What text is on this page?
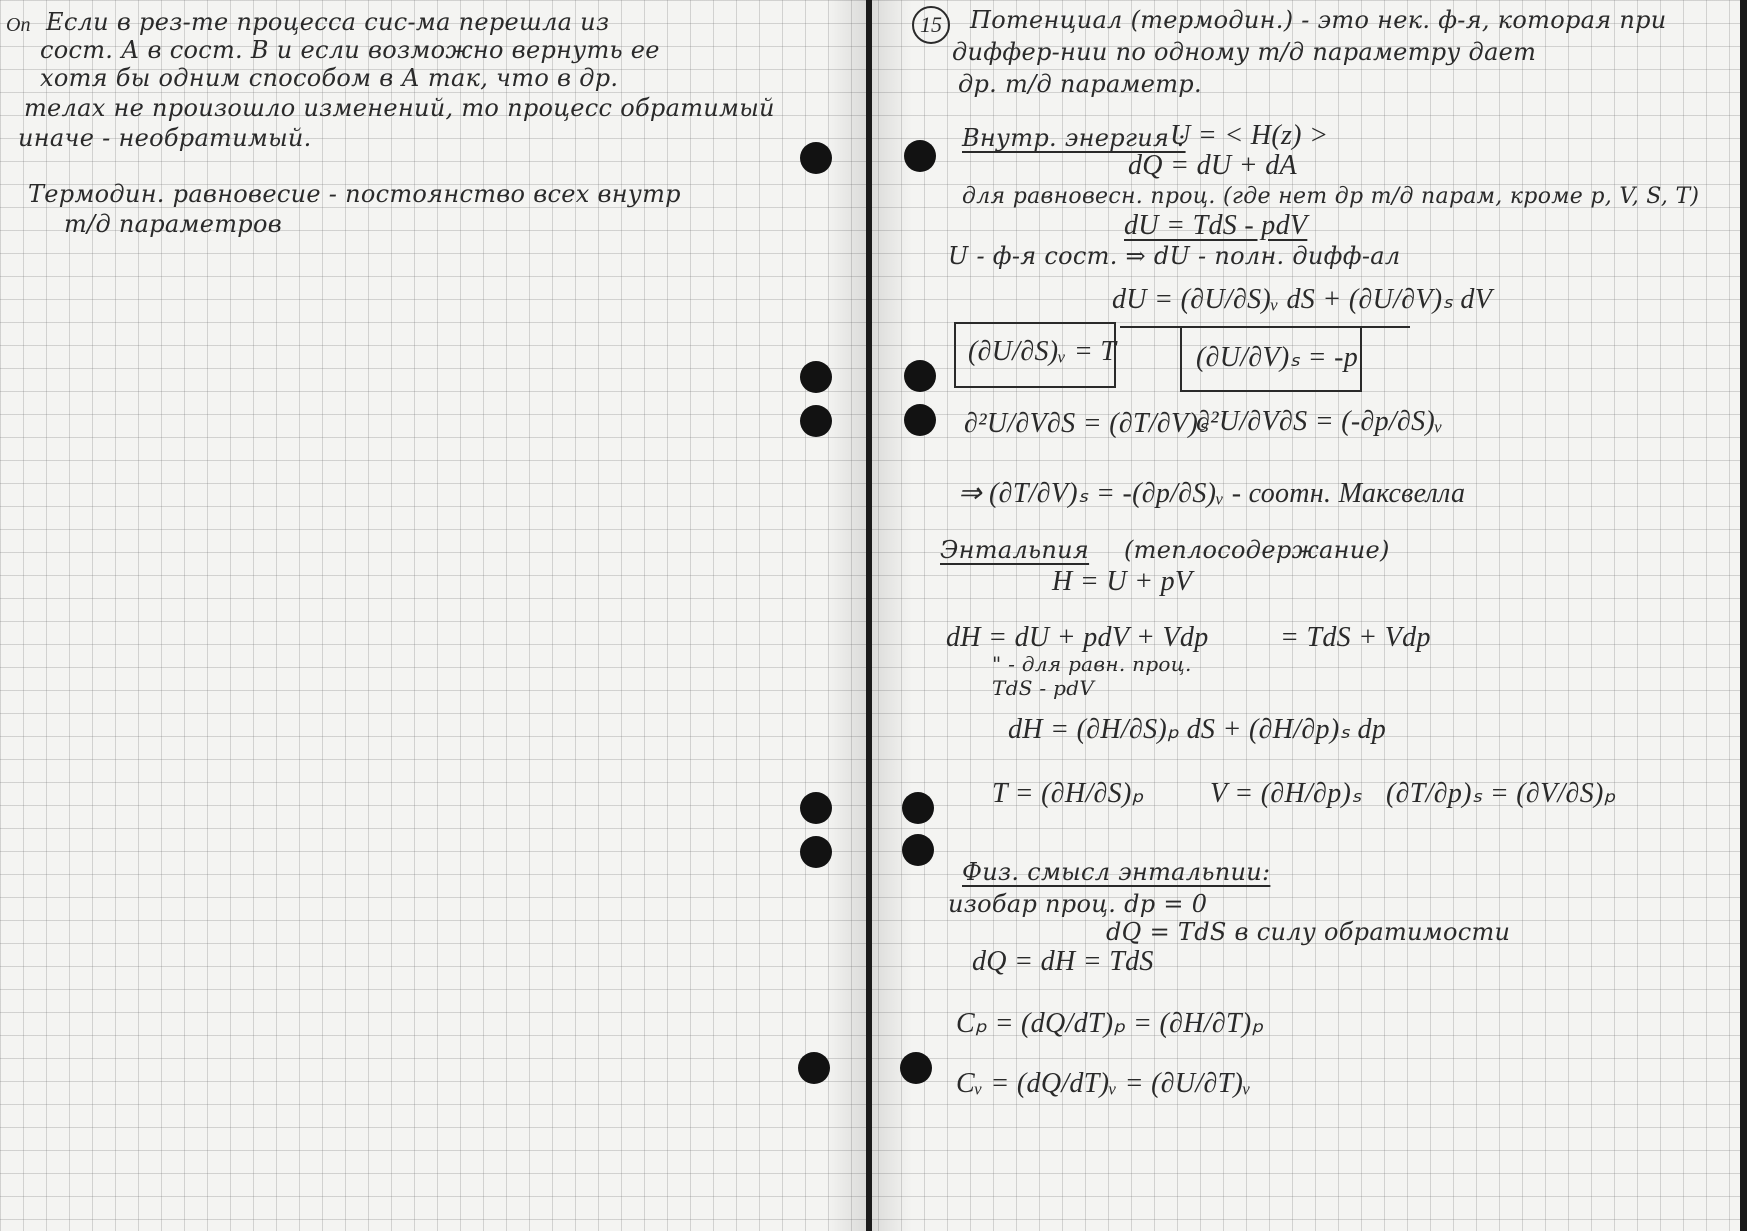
Оп Если в рез-те процесса сис-ма перешла из
сост. А в сост. В и если возможно вернуть ее
хотя бы одним способом в А так, что в др.
телах не произошло изменений, то процесс обратимый
иначе - необратимый.
Термодин. равновесие - постоянство всех внутр
т/д параметров
15	Потенциал (термодин.) - это нек. ф-я, которая при
диффер-нии по одному т/д параметру дает
др. т/д параметр.
Внутр. энергия :
U = < H(z) >
dQ = dU + dA
для равновесн. проц. (где нет др т/д парам, кроме p, V, S, T)
dU = TdS - pdV
U - ф-я сост. ⇒ dU - полн. дифф-ал
dU = (∂U/∂S)ᵥ dS + (∂U/∂V)ₛ dV
(∂U/∂S)ᵥ = T	(∂U/∂V)ₛ = -p
∂²U/∂V∂S = (∂T/∂V)ₛ
∂²U/∂V∂S = (-∂p/∂S)ᵥ
⇒ (∂T/∂V)ₛ = -(∂p/∂S)ᵥ - соотн. Максвелла
Энтальпия (теплосодержание)
H = U + pV
dH = dU + pdV + Vdp	= TdS + Vdp
" - для равн. проц.
TdS - pdV
dH = (∂H/∂S)ₚ dS + (∂H/∂p)ₛ dp
T = (∂H/∂S)ₚ V = (∂H/∂p)ₛ (∂T/∂p)ₛ = (∂V/∂S)ₚ
Физ. смысл энтальпии:
изобар проц. dp = 0
dQ = TdS в силу обратимости
dQ = dH = TdS
Cₚ = (dQ/dT)ₚ = (∂H/∂T)ₚ
Cᵥ = (dQ/dT)ᵥ = (∂U/∂T)ᵥ
